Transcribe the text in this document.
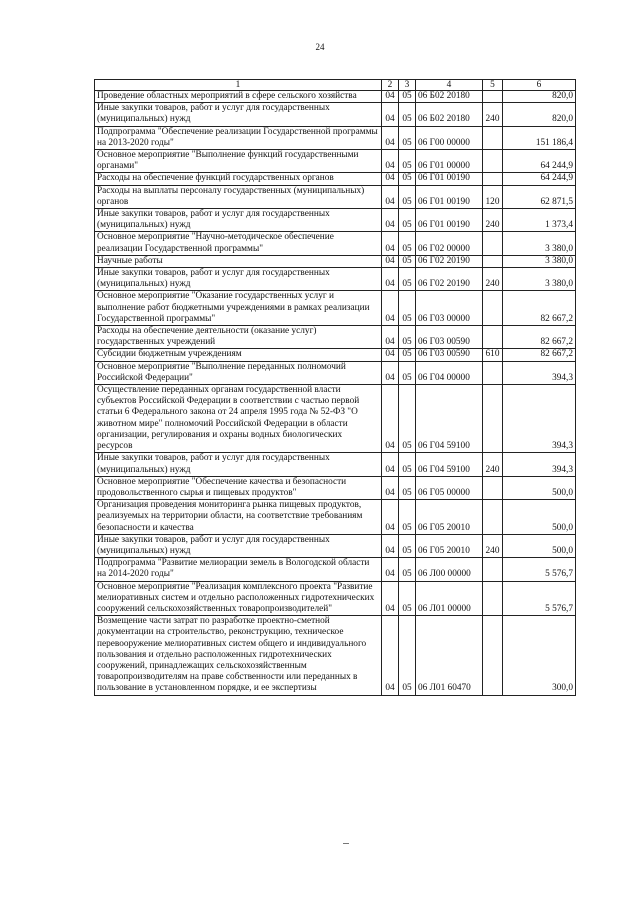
24
1	2	3	4	5	6
Проведение областных мероприятий в сфере сельского хозяйства	04	05	06 Б02 20180		820,0
Иные закупки товаров, работ и услуг для государственных (муниципальных) нужд	04	05	06 Б02 20180	240	820,0
Подпрограмма "Обеспечение реализации Государственной программы на 2013-2020 годы"	04	05	06 Г00 00000		151 186,4
Основное мероприятие "Выполнение функций государственными органами"	04	05	06 Г01 00000		64 244,9
Расходы на обеспечение функций государственных органов	04	05	06 Г01 00190		64 244,9
Расходы на выплаты персоналу государственных (муниципальных) органов	04	05	06 Г01 00190	120	62 871,5
Иные закупки товаров, работ и услуг для государственных (муниципальных) нужд	04	05	06 Г01 00190	240	1 373,4
Основное мероприятие "Научно-методическое обеспечение реализации Государственной программы"	04	05	06 Г02 00000		3 380,0
Научные работы	04	05	06 Г02 20190		3 380,0
Иные закупки товаров, работ и услуг для государственных (муниципальных) нужд	04	05	06 Г02 20190	240	3 380,0
Основное мероприятие "Оказание государственных услуг и выполнение работ бюджетными учреждениями в рамках реализации Государственной программы"	04	05	06 Г03 00000		82 667,2
Расходы на обеспечение деятельности (оказание услуг) государственных учреждений	04	05	06 Г03 00590		82 667,2
Субсидии бюджетным учреждениям	04	05	06 Г03 00590	610	82 667,2
Основное мероприятие "Выполнение переданных полномочий Российской Федерации"	04	05	06 Г04 00000		394,3
Осуществление переданных органам государственной власти субъектов Российской Федерации в соответствии с частью первой статьи 6 Федерального закона от 24 апреля 1995 года № 52-ФЗ "О животном мире" полномочий Российской Федерации в области организации, регулирования и охраны водных биологических ресурсов	04	05	06 Г04 59100		394,3
Иные закупки товаров, работ и услуг для государственных (муниципальных) нужд	04	05	06 Г04 59100	240	394,3
Основное мероприятие "Обеспечение качества и безопасности продовольственного сырья и пищевых продуктов"	04	05	06 Г05 00000		500,0
Организация проведения мониторинга рынка пищевых продуктов, реализуемых на территории области, на соответствие требованиям безопасности и качества	04	05	06 Г05 20010		500,0
Иные закупки товаров, работ и услуг для государственных (муниципальных) нужд	04	05	06 Г05 20010	240	500,0
Подпрограмма "Развитие мелиорации земель в Вологодской области на 2014-2020 годы"	04	05	06 Л00 00000		5 576,7
Основное мероприятие "Реализация комплексного проекта "Развитие мелиоративных систем и отдельно расположенных гидротехнических сооружений сельскохозяйственных товаропроизводителей"	04	05	06 Л01 00000		5 576,7
Возмещение части затрат по разработке проектно-сметной документации на строительство, реконструкцию, техническое перевооружение мелиоративных систем общего и индивидуального пользования и отдельно расположенных гидротехнических сооружений, принадлежащих сельскохозяйственным товаропроизводителям на праве собственности или переданных в пользование в установленном порядке, и ее экспертизы	04	05	06 Л01 60470		300,0
